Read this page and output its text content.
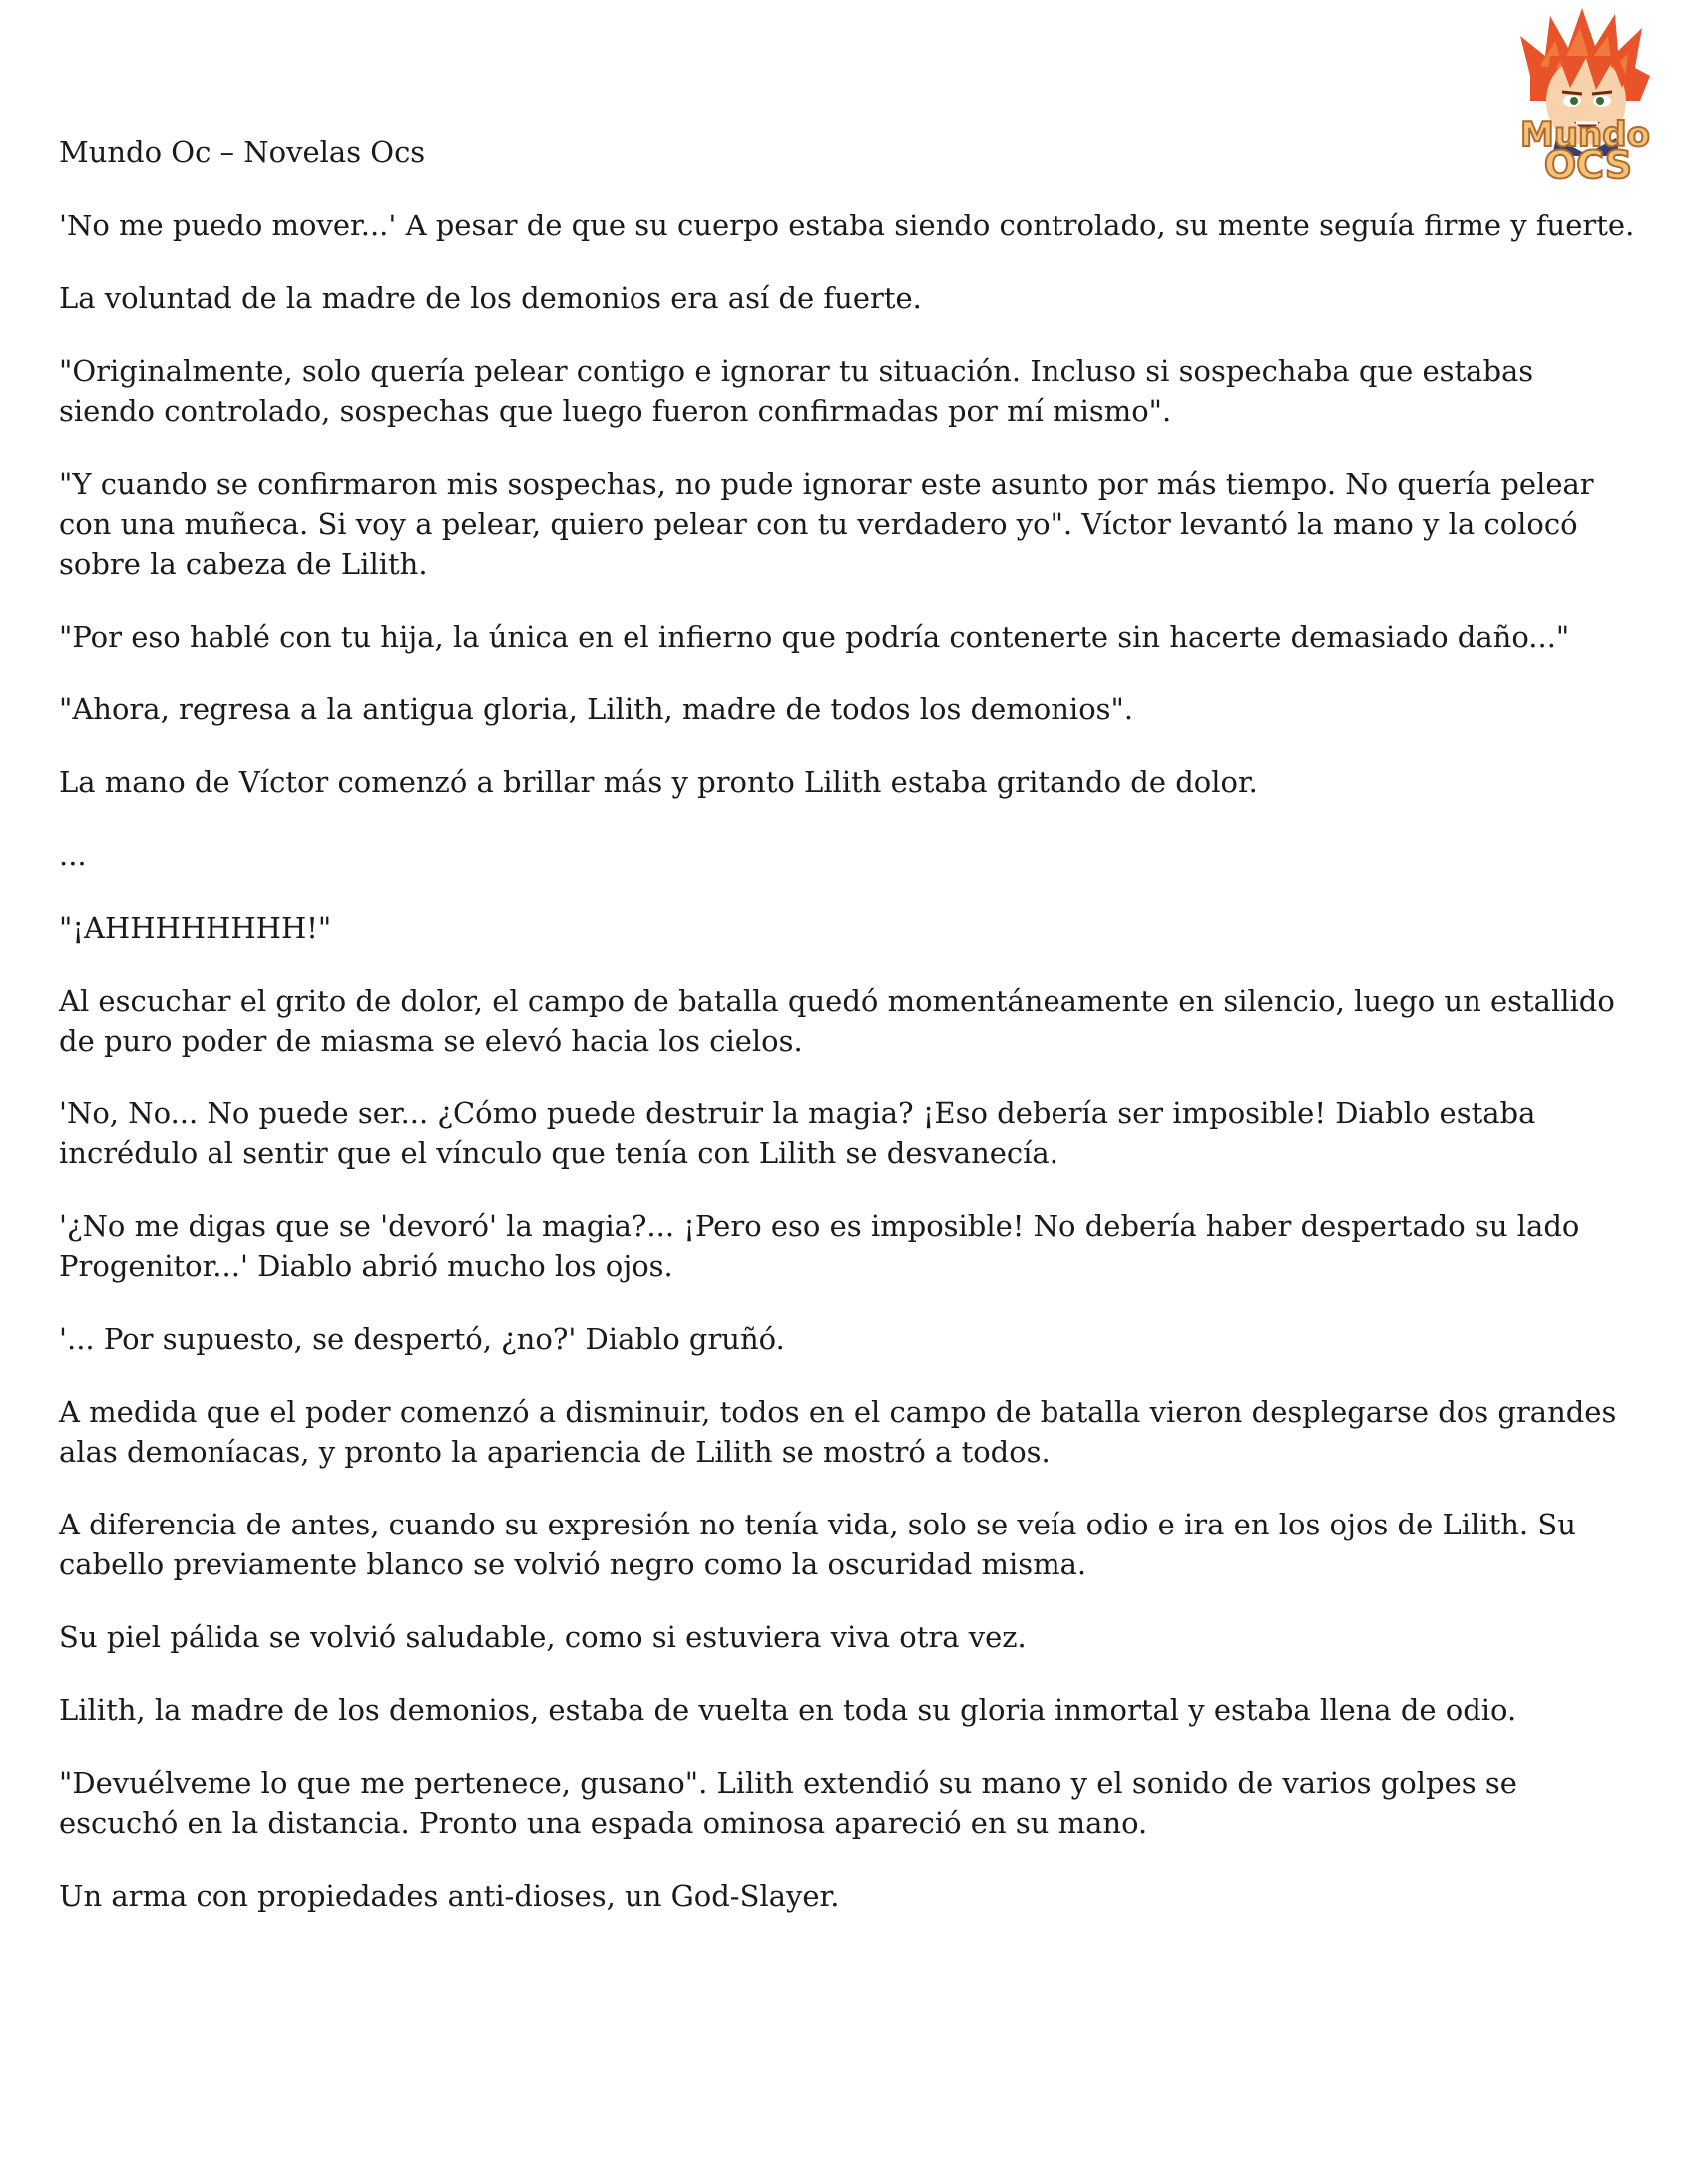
Mundo Oc – Novelas Ocs	Mundo
OCS

'No me puedo mover...' A pesar de que su cuerpo estaba siendo controlado, su mente seguía firme y fuerte.

La voluntad de la madre de los demonios era así de fuerte.

"Originalmente, solo quería pelear contigo e ignorar tu situación. Incluso si sospechaba que estabas siendo controlado, sospechas que luego fueron confirmadas por mí mismo".

"Y cuando se confirmaron mis sospechas, no pude ignorar este asunto por más tiempo. No quería pelear con una muñeca. Si voy a pelear, quiero pelear con tu verdadero yo". Víctor levantó la mano y la colocó sobre la cabeza de Lilith.

"Por eso hablé con tu hija, la única en el infierno que podría contenerte sin hacerte demasiado daño..."

"Ahora, regresa a la antigua gloria, Lilith, madre de todos los demonios".

La mano de Víctor comenzó a brillar más y pronto Lilith estaba gritando de dolor.

...

"¡AHHHHHHHH!"

Al escuchar el grito de dolor, el campo de batalla quedó momentáneamente en silencio, luego un estallido de puro poder de miasma se elevó hacia los cielos.

'No, No... No puede ser... ¿Cómo puede destruir la magia? ¡Eso debería ser imposible! Diablo estaba incrédulo al sentir que el vínculo que tenía con Lilith se desvanecía.

'¿No me digas que se 'devoró' la magia?... ¡Pero eso es imposible! No debería haber despertado su lado Progenitor...' Diablo abrió mucho los ojos.

'... Por supuesto, se despertó, ¿no?' Diablo gruñó.

A medida que el poder comenzó a disminuir, todos en el campo de batalla vieron desplegarse dos grandes alas demoníacas, y pronto la apariencia de Lilith se mostró a todos.

A diferencia de antes, cuando su expresión no tenía vida, solo se veía odio e ira en los ojos de Lilith. Su cabello previamente blanco se volvió negro como la oscuridad misma.

Su piel pálida se volvió saludable, como si estuviera viva otra vez.

Lilith, la madre de los demonios, estaba de vuelta en toda su gloria inmortal y estaba llena de odio.

"Devuélveme lo que me pertenece, gusano". Lilith extendió su mano y el sonido de varios golpes se escuchó en la distancia. Pronto una espada ominosa apareció en su mano.

Un arma con propiedades anti-dioses, un God-Slayer.
